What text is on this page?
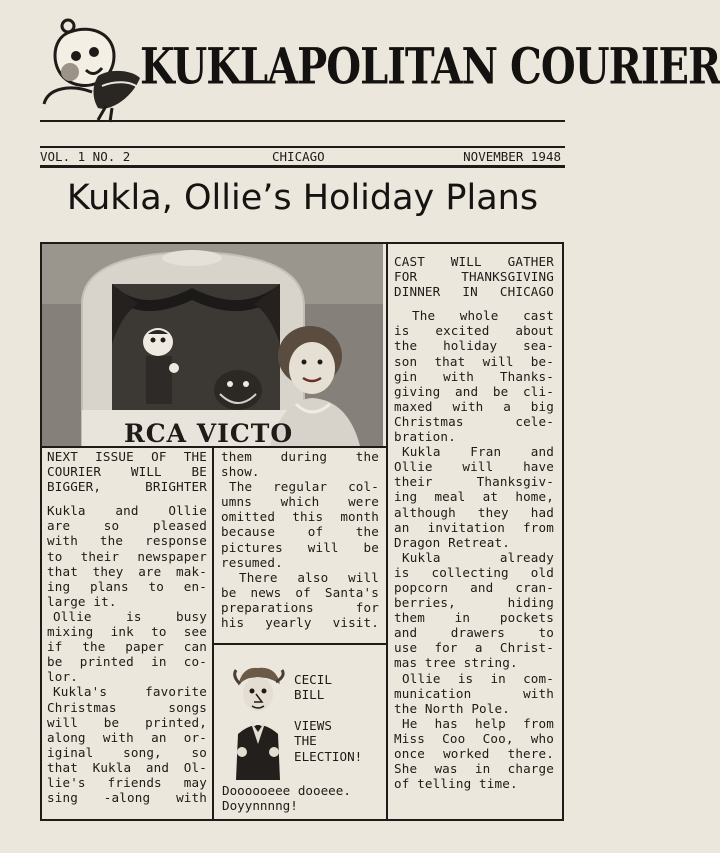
KUKLAPOLITAN COURIER
VOL. 1 NO. 2	CHICAGO	NOVEMBER 1948
Kukla, Ollie’s Holiday Plans
RCA VICTO
NEXT ISSUE OF THE
COURIER WILL BE
BIGGER, BRIGHTER
Kukla and Ollie
are so pleased
with the response
to their newspaper
that they are mak-
ing plans to en-
large it.
Ollie is busy
mixing ink to see
if the paper can
be printed in co-
lor.
Kukla's favorite
Christmas songs
will be printed,
along with an or-
iginal song, so
that Kukla and Ol-
lie's friends may
sing -along with
them during the
show.
The regular col-
umns which were
omitted this month
because of the
pictures will be
resumed.
There also will
be news of Santa's
preparations for
his yearly visit.
CECIL
BILL
VIEWS
THE
ELECTION!
Doooooeee dooeee.
Doyynnnng!
CAST WILL GATHER
FOR THANKSGIVING
DINNER IN CHICAGO
The whole cast
is excited about
the holiday sea-
son that will be-
gin with Thanks-
giving and be cli-
maxed with a big
Christmas cele-
bration.
Kukla Fran and
Ollie will have
their Thanksgiv-
ing meal at home,
although they had
an invitation from
Dragon Retreat.
Kukla already
is collecting old
popcorn and cran-
berries, hiding
them in pockets
and drawers to
use for a Christ-
mas tree string.
Ollie is in com-
munication with
the North Pole.
He has help from
Miss Coo Coo, who
once worked there.
She was in charge
of telling time.
